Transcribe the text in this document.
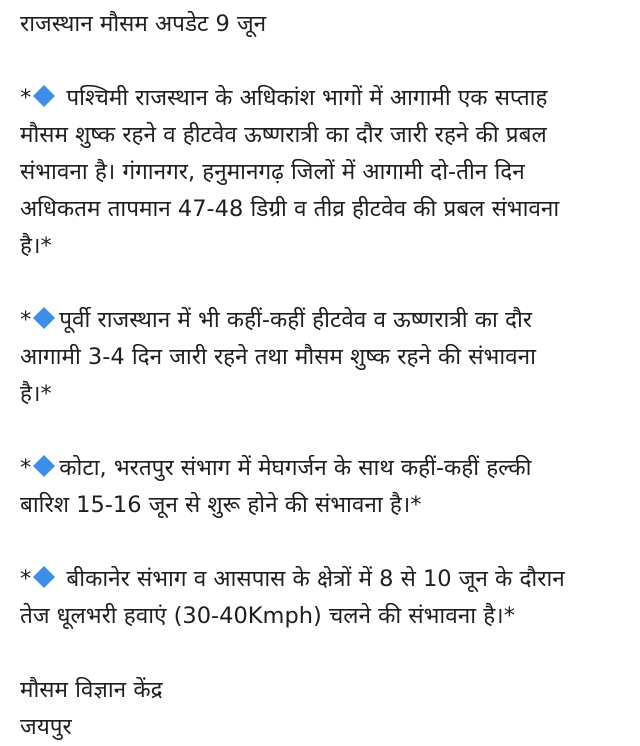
राजस्थान मौसम अपडेट 9 जून
*
पश्चिमी राजस्थान के अधिकांश भागों में आगामी एक सप्ताह
मौसम शुष्क रहने व हीटवेव ऊष्णरात्री का दौर जारी रहने की प्रबल
संभावना है। गंगानगर, हनुमानगढ़ जिलों में आगामी दो-तीन दिन
अधिकतम तापमान 47-48 डिग्री व तीव्र हीटवेव की प्रबल संभावना
है।*
* पूर्वी राजस्थान में भी कहीं-कहीं हीटवेव व ऊष्णरात्री का दौर
आगामी 3-4 दिन जारी रहने तथा मौसम शुष्क रहने की संभावना
है।*
* कोटा, भरतपुर संभाग में मेघगर्जन के साथ कहीं-कहीं हल्की
बारिश 15-16 जून से शुरू होने की संभावना है।*
*
बीकानेर संभाग व आसपास के क्षेत्रों में 8 से 10 जून के दौरान
तेज धूलभरी हवाएं (30-40Kmph) चलने की संभावना है।*
मौसम विज्ञान केंद्र
जयपुर
